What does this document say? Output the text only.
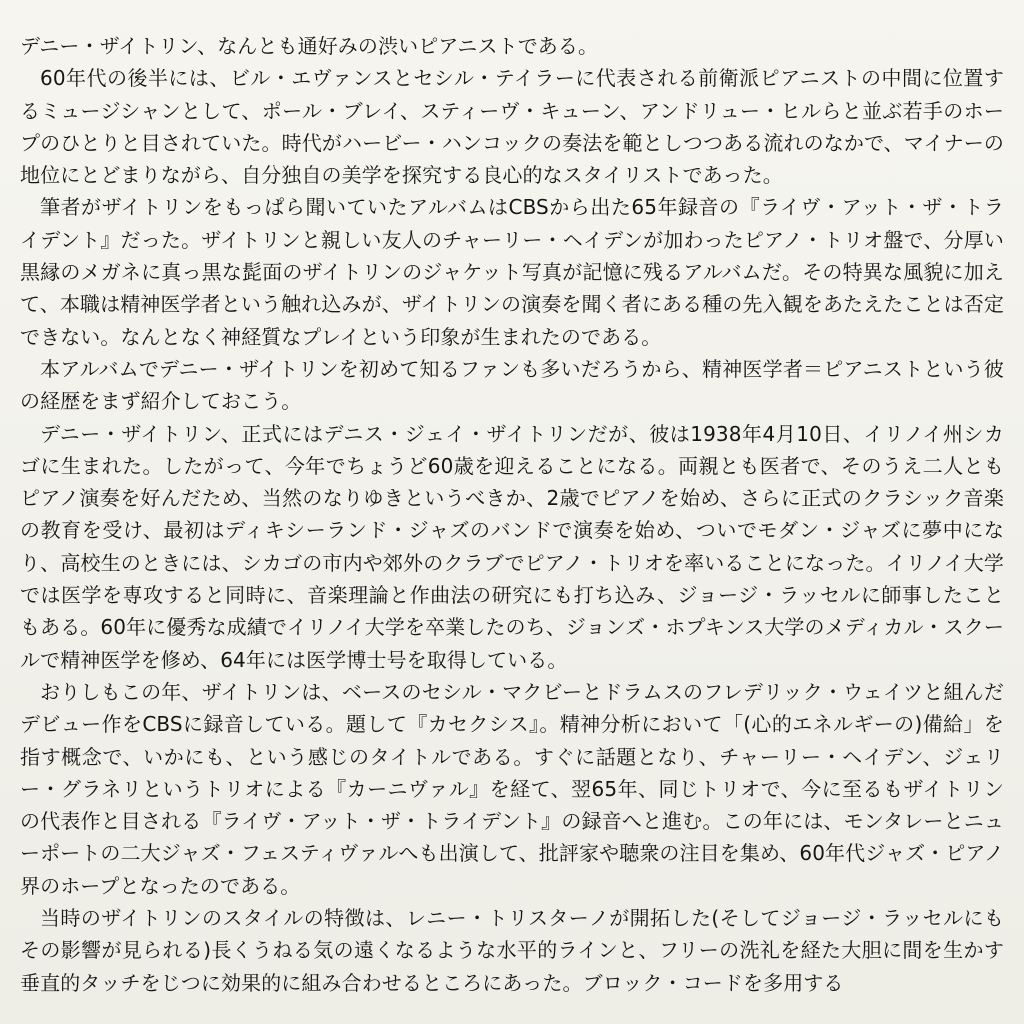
デニー・ザイトリン、なんとも通好みの渋いピアニストである。

60年代の後半には、ビル・エヴァンスとセシル・テイラーに代表される前衛派ピアニストの中間に位置するミュージシャンとして、ポール・ブレイ、スティーヴ・キューン、アンドリュー・ヒルらと並ぶ若手のホープのひとりと目されていた。時代がハービー・ハンコックの奏法を範としつつある流れのなかで、マイナーの地位にとどまりながら、自分独自の美学を探究する良心的なスタイリストであった。

筆者がザイトリンをもっぱら聞いていたアルバムはCBSから出た65年録音の『ライヴ・アット・ザ・トライデント』だった。ザイトリンと親しい友人のチャーリー・ヘイデンが加わったピアノ・トリオ盤で、分厚い黒縁のメガネに真っ黒な髭面のザイトリンのジャケット写真が記憶に残るアルバムだ。その特異な風貌に加えて、本職は精神医学者という触れ込みが、ザイトリンの演奏を聞く者にある種の先入観をあたえたことは否定できない。なんとなく神経質なプレイという印象が生まれたのである。

本アルバムでデニー・ザイトリンを初めて知るファンも多いだろうから、精神医学者＝ピアニストという彼の経歴をまず紹介しておこう。

デニー・ザイトリン、正式にはデニス・ジェイ・ザイトリンだが、彼は1938年4月10日、イリノイ州シカゴに生まれた。したがって、今年でちょうど60歳を迎えることになる。両親とも医者で、そのうえ二人ともピアノ演奏を好んだため、当然のなりゆきというべきか、2歳でピアノを始め、さらに正式のクラシック音楽の教育を受け、最初はディキシーランド・ジャズのバンドで演奏を始め、ついでモダン・ジャズに夢中になり、高校生のときには、シカゴの市内や郊外のクラブでピアノ・トリオを率いることになった。イリノイ大学では医学を専攻すると同時に、音楽理論と作曲法の研究にも打ち込み、ジョージ・ラッセルに師事したこともある。60年に優秀な成績でイリノイ大学を卒業したのち、ジョンズ・ホプキンス大学のメディカル・スクールで精神医学を修め、64年には医学博士号を取得している。

おりしもこの年、ザイトリンは、ベースのセシル・マクビーとドラムスのフレデリック・ウェイツと組んだデビュー作をCBSに録音している。題して『カセクシス』。精神分析において「(心的エネルギーの)備給」を指す概念で、いかにも、という感じのタイトルである。すぐに話題となり、チャーリー・ヘイデン、ジェリー・グラネリというトリオによる『カーニヴァル』を経て、翌65年、同じトリオで、今に至るもザイトリンの代表作と目される『ライヴ・アット・ザ・トライデント』の録音へと進む。この年には、モンタレーとニューポートの二大ジャズ・フェスティヴァルへも出演して、批評家や聴衆の注目を集め、60年代ジャズ・ピアノ界のホープとなったのである。

当時のザイトリンのスタイルの特徴は、レニー・トリスターノが開拓した(そしてジョージ・ラッセルにもその影響が見られる)長くうねる気の遠くなるような水平的ラインと、フリーの洗礼を経た大胆に間を生かす垂直的タッチをじつに効果的に組み合わせるところにあった。ブロック・コードを多用する
